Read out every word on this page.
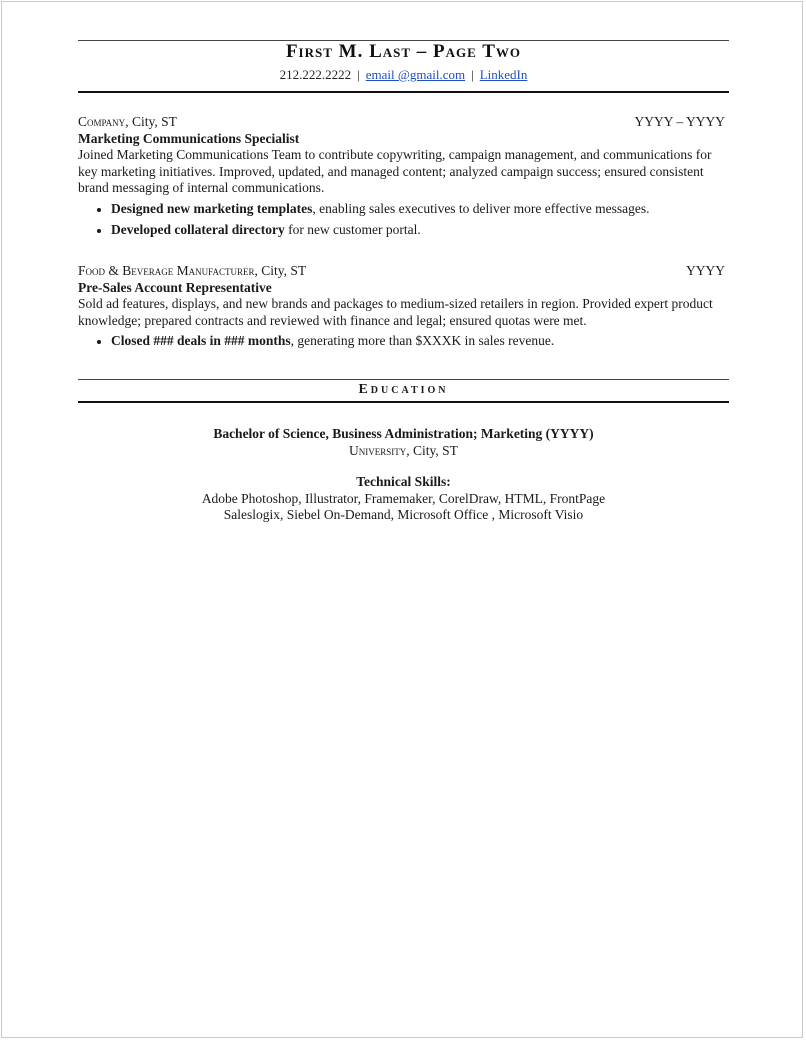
First M. Last – Page Two
212.222.2222 | email @gmail.com | LinkedIn
Company, City, ST	YYYY – YYYY
Marketing Communications Specialist
Joined Marketing Communications Team to contribute copywriting, campaign management, and communications for key marketing initiatives. Improved, updated, and managed content; analyzed campaign success; ensured consistent brand messaging of internal communications.
• Designed new marketing templates, enabling sales executives to deliver more effective messages.
• Developed collateral directory for new customer portal.
Food & Beverage Manufacturer, City, ST	YYYY
Pre-Sales Account Representative
Sold ad features, displays, and new brands and packages to medium-sized retailers in region. Provided expert product knowledge; prepared contracts and reviewed with finance and legal; ensured quotas were met.
• Closed ### deals in ### months, generating more than $XXXK in sales revenue.
Education
Bachelor of Science, Business Administration; Marketing (YYYY)
University, City, ST
Technical Skills:
Adobe Photoshop, Illustrator, Framemaker, CorelDraw, HTML, FrontPage
Saleslogix, Siebel On-Demand, Microsoft Office , Microsoft Visio
